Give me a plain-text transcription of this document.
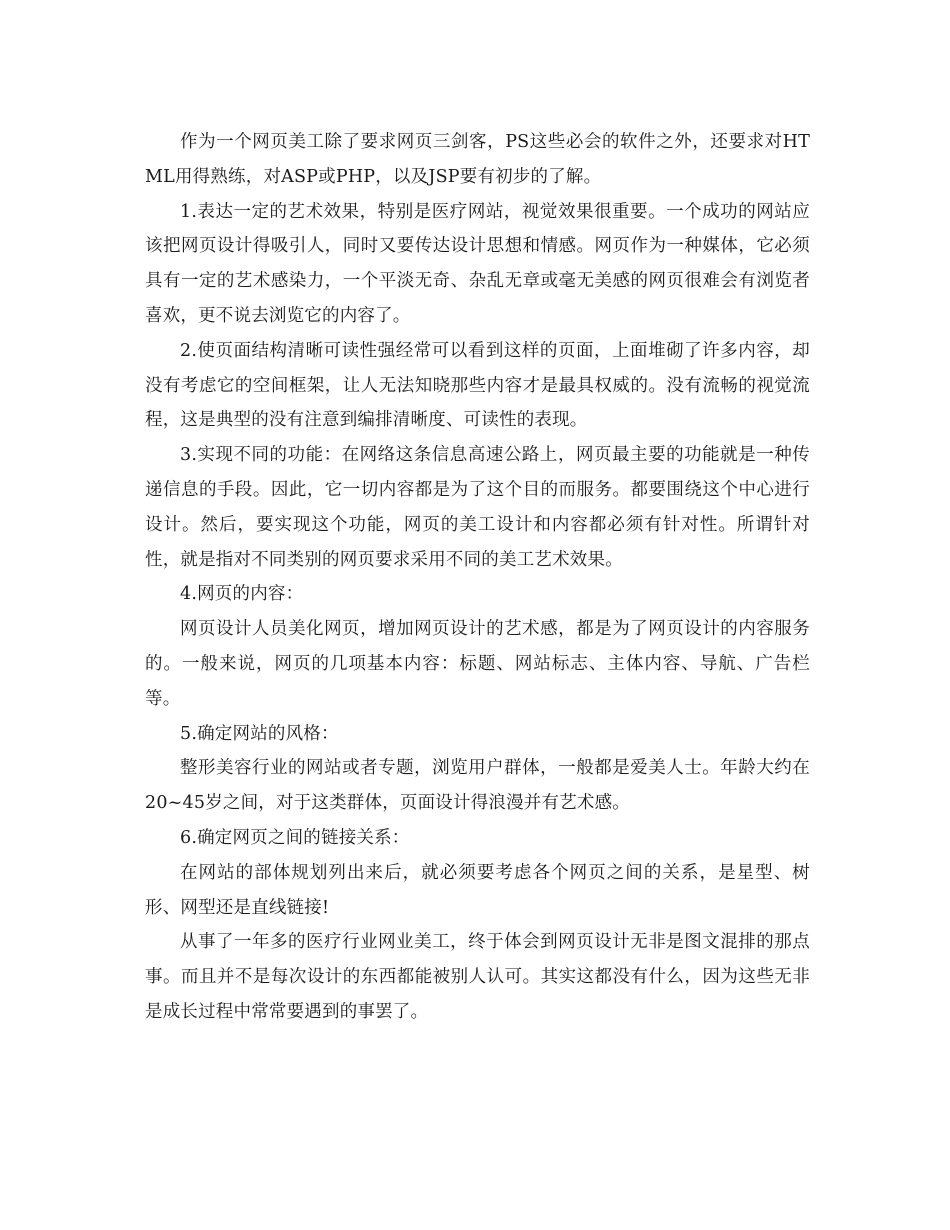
作为一个网页美工除了要求网页三剑客，PS这些必会的软件之外，还要求对HTML用得熟练，对ASP或PHP，以及JSP要有初步的了解。

1.表达一定的艺术效果，特别是医疗网站，视觉效果很重要。一个成功的网站应该把网页设计得吸引人，同时又要传达设计思想和情感。网页作为一种媒体，它必须具有一定的艺术感染力，一个平淡无奇、杂乱无章或毫无美感的网页很难会有浏览者喜欢，更不说去浏览它的内容了。

2.使页面结构清晰可读性强经常可以看到这样的页面，上面堆砌了许多内容，却没有考虑它的空间框架，让人无法知晓那些内容才是最具权威的。没有流畅的视觉流程，这是典型的没有注意到编排清晰度、可读性的表现。

3.实现不同的功能：在网络这条信息高速公路上，网页最主要的功能就是一种传递信息的手段。因此，它一切内容都是为了这个目的而服务。都要围绕这个中心进行设计。然后，要实现这个功能，网页的美工设计和内容都必须有针对性。所谓针对性，就是指对不同类别的网页要求采用不同的美工艺术效果。

4.网页的内容：

网页设计人员美化网页，增加网页设计的艺术感，都是为了网页设计的内容服务的。一般来说，网页的几项基本内容：标题、网站标志、主体内容、导航、广告栏等。

5.确定网站的风格：

整形美容行业的网站或者专题，浏览用户群体，一般都是爱美人士。年龄大约在20~45岁之间，对于这类群体，页面设计得浪漫并有艺术感。

6.确定网页之间的链接关系：

在网站的部体规划列出来后，就必须要考虑各个网页之间的关系，是星型、树形、网型还是直线链接!

从事了一年多的医疗行业网业美工，终于体会到网页设计无非是图文混排的那点事。而且并不是每次设计的东西都能被别人认可。其实这都没有什么，因为这些无非是成长过程中常常要遇到的事罢了。
